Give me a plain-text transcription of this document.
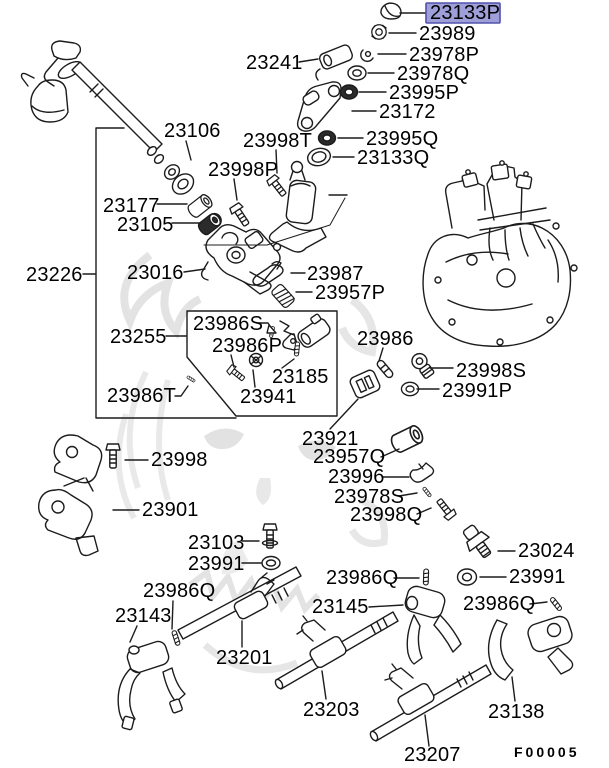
23133P
23989
23978P
23978Q
23995P
23172
23995Q
23133Q
23241
23106 23998T
23998P
23177
23105
23226 23016	23987
23957P
23255
23986S
23986P
23185
23941
23986
23998S
23991P
23921
23957Q
23996
23978S
23998Q
23024
23991
23986Q
23986T
23998
23901
23103
23991
23986Q
23143
23201
23145	23986Q
23203	23138
23207	F00005
